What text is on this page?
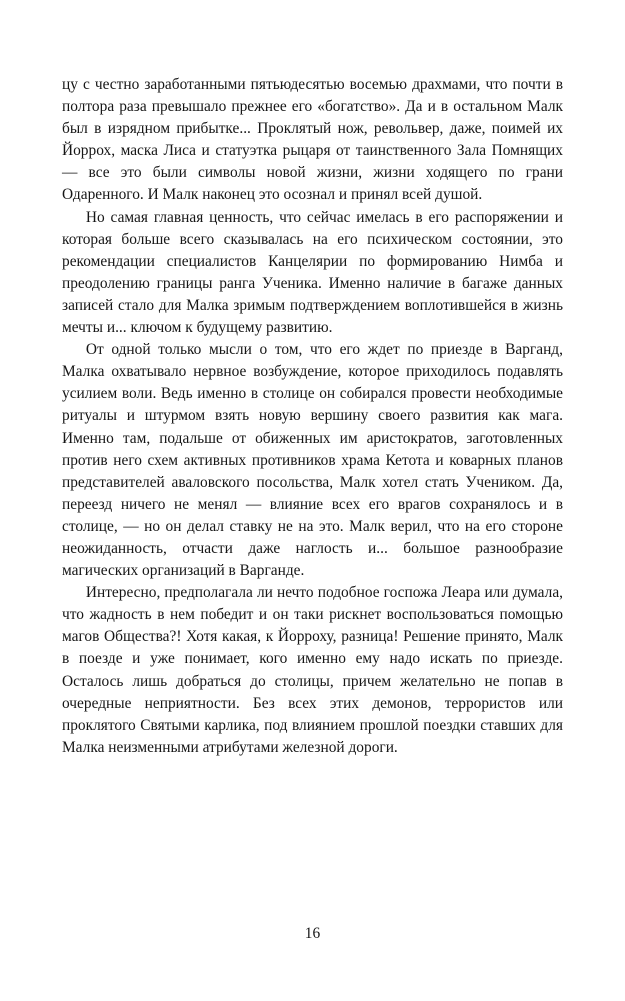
цу с честно заработанными пятьюдесятью восемью драхмами, что почти в полтора раза превышало прежнее его «богатство». Да и в остальном Малк был в изрядном прибытке... Проклятый нож, револьвер, даже, поимей их Йоррох, маска Лиса и статуэтка рыцаря от таинственного Зала Помнящих — все это были символы новой жизни, жизни ходящего по грани Одаренного. И Малк наконец это осознал и принял всей душой.

Но самая главная ценность, что сейчас имелась в его распоряжении и которая больше всего сказывалась на его психическом состоянии, это рекомендации специалистов Канцелярии по формированию Нимба и преодолению границы ранга Ученика. Именно наличие в багаже данных записей стало для Малка зримым подтверждением воплотившейся в жизнь мечты и... ключом к будущему развитию.

От одной только мысли о том, что его ждет по приезде в Варганд, Малка охватывало нервное возбуждение, которое приходилось подавлять усилием воли. Ведь именно в столице он собирался провести необходимые ритуалы и штурмом взять новую вершину своего развития как мага. Именно там, подальше от обиженных им аристократов, заготовленных против него схем активных противников храма Кетота и коварных планов представителей аваловского посольства, Малк хотел стать Учеником. Да, переезд ничего не менял — влияние всех его врагов сохранялось и в столице, — но он делал ставку не на это. Малк верил, что на его стороне неожиданность, отчасти даже наглость и... большое разнообразие магических организаций в Варганде.

Интересно, предполагала ли нечто подобное госпожа Леара или думала, что жадность в нем победит и он таки рискнет воспользоваться помощью магов Общества?! Хотя какая, к Йорроху, разница! Решение принято, Малк в поезде и уже понимает, кого именно ему надо искать по приезде. Осталось лишь добраться до столицы, причем желательно не попав в очередные неприятности. Без всех этих демонов, террористов или проклятого Святыми карлика, под влиянием прошлой поездки ставших для Малка неизменными атрибутами железной дороги.

16
